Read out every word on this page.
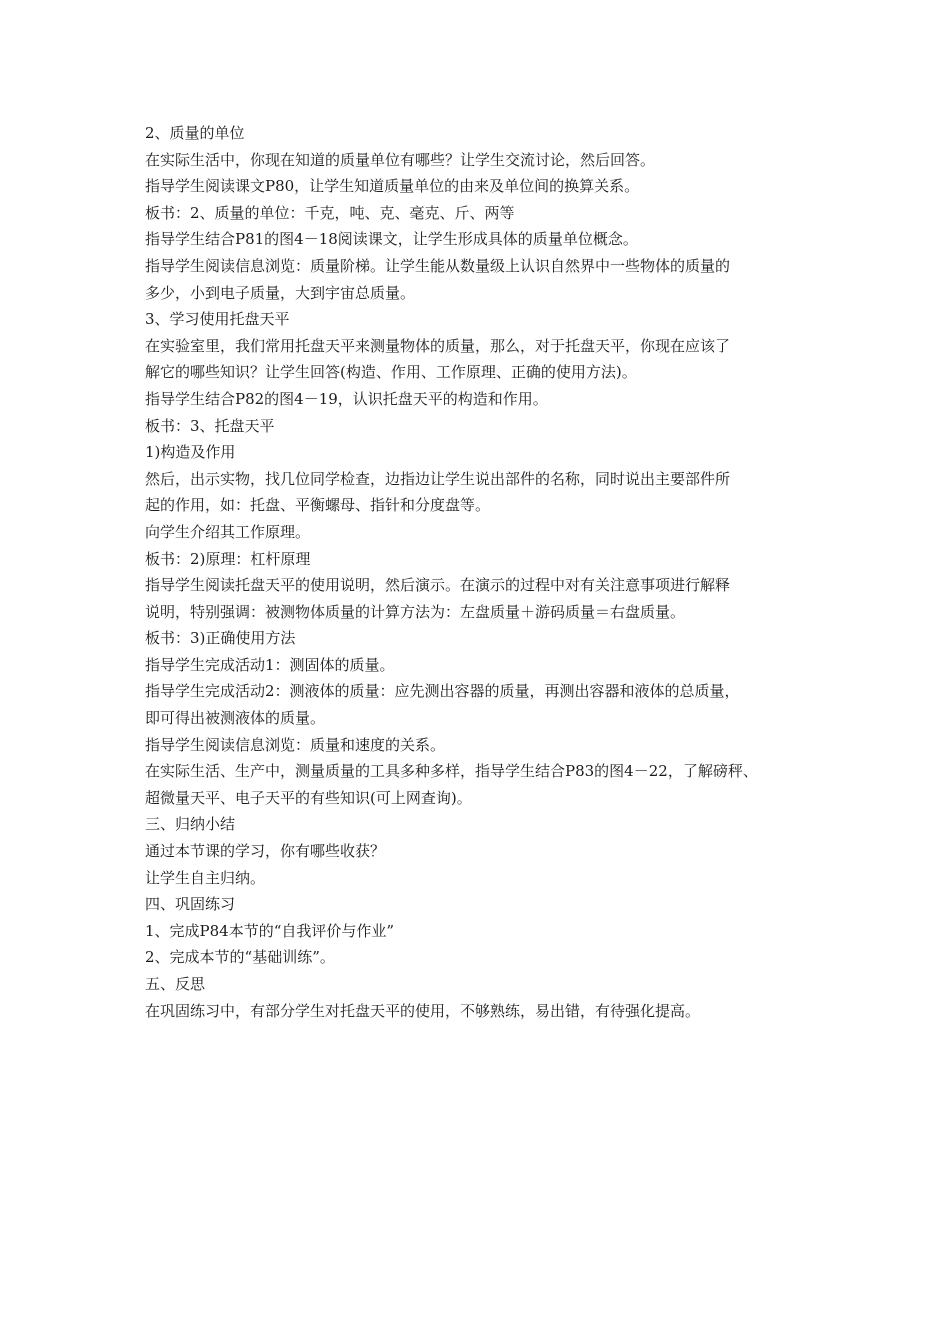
2、质量的单位

在实际生活中，你现在知道的质量单位有哪些？让学生交流讨论，然后回答。

指导学生阅读课文P80，让学生知道质量单位的由来及单位间的换算关系。

板书：2、质量的单位：千克，吨、克、毫克、斤、两等

指导学生结合P81的图4－18阅读课文，让学生形成具体的质量单位概念。

指导学生阅读信息浏览：质量阶梯。让学生能从数量级上认识自然界中一些物体的质量的

多少，小到电子质量，大到宇宙总质量。

3、学习使用托盘天平

在实验室里，我们常用托盘天平来测量物体的质量，那么，对于托盘天平，你现在应该了

解它的哪些知识？让学生回答(构造、作用、工作原理、正确的使用方法)。

指导学生结合P82的图4－19，认识托盘天平的构造和作用。

板书：3、托盘天平

1)构造及作用

然后，出示实物，找几位同学检查，边指边让学生说出部件的名称，同时说出主要部件所

起的作用，如：托盘、平衡螺母、指针和分度盘等。

向学生介绍其工作原理。

板书：2)原理：杠杆原理

指导学生阅读托盘天平的使用说明，然后演示。在演示的过程中对有关注意事项进行解释

说明，特别强调：被测物体质量的计算方法为：左盘质量＋游码质量＝右盘质量。

板书：3)正确使用方法

指导学生完成活动1：测固体的质量。

指导学生完成活动2：测液体的质量：应先测出容器的质量，再测出容器和液体的总质量，

即可得出被测液体的质量。

指导学生阅读信息浏览：质量和速度的关系。

在实际生活、生产中，测量质量的工具多种多样，指导学生结合P83的图4－22，了解磅秤、

超微量天平、电子天平的有些知识(可上网查询)。

三、归纳小结

通过本节课的学习，你有哪些收获？

让学生自主归纳。

四、巩固练习

1、完成P84本节的“自我评价与作业”

2、完成本节的“基础训练”。

五、反思

在巩固练习中，有部分学生对托盘天平的使用，不够熟练，易出错，有待强化提高。
